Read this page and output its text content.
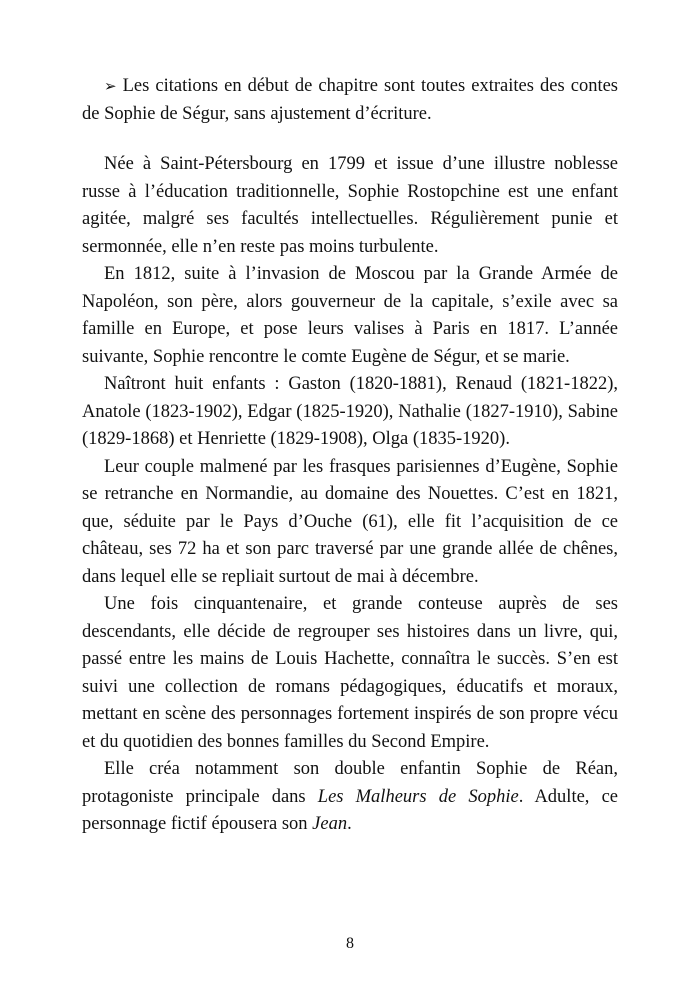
➢ Les citations en début de chapitre sont toutes extraites des contes de Sophie de Ségur, sans ajustement d’écriture.

Née à Saint-Pétersbourg en 1799 et issue d’une illustre noblesse russe à l’éducation traditionnelle, Sophie Rostopchine est une enfant agitée, malgré ses facultés intellectuelles. Régulièrement punie et sermonnée, elle n’en reste pas moins turbulente.

En 1812, suite à l’invasion de Moscou par la Grande Armée de Napoléon, son père, alors gouverneur de la capitale, s’exile avec sa famille en Europe, et pose leurs valises à Paris en 1817. L’année suivante, Sophie rencontre le comte Eugène de Ségur, et se marie.

Naîtront huit enfants : Gaston (1820-1881), Renaud (1821-1822), Anatole (1823-1902), Edgar (1825-1920), Nathalie (1827-1910), Sabine (1829-1868) et Henriette (1829-1908), Olga (1835-1920).

Leur couple malmené par les frasques parisiennes d’Eugène, Sophie se retranche en Normandie, au domaine des Nouettes. C’est en 1821, que, séduite par le Pays d’Ouche (61), elle fit l’acquisition de ce château, ses 72 ha et son parc traversé par une grande allée de chênes, dans lequel elle se repliait surtout de mai à décembre.

Une fois cinquantenaire, et grande conteuse auprès de ses descendants, elle décide de regrouper ses histoires dans un livre, qui, passé entre les mains de Louis Hachette, connaîtra le succès. S’en est suivi une collection de romans pédagogiques, éducatifs et moraux, mettant en scène des personnages fortement inspirés de son propre vécu et du quotidien des bonnes familles du Second Empire.

Elle créa notamment son double enfantin Sophie de Réan, protagoniste principale dans Les Malheurs de Sophie. Adulte, ce personnage fictif épousera son Jean.

8
